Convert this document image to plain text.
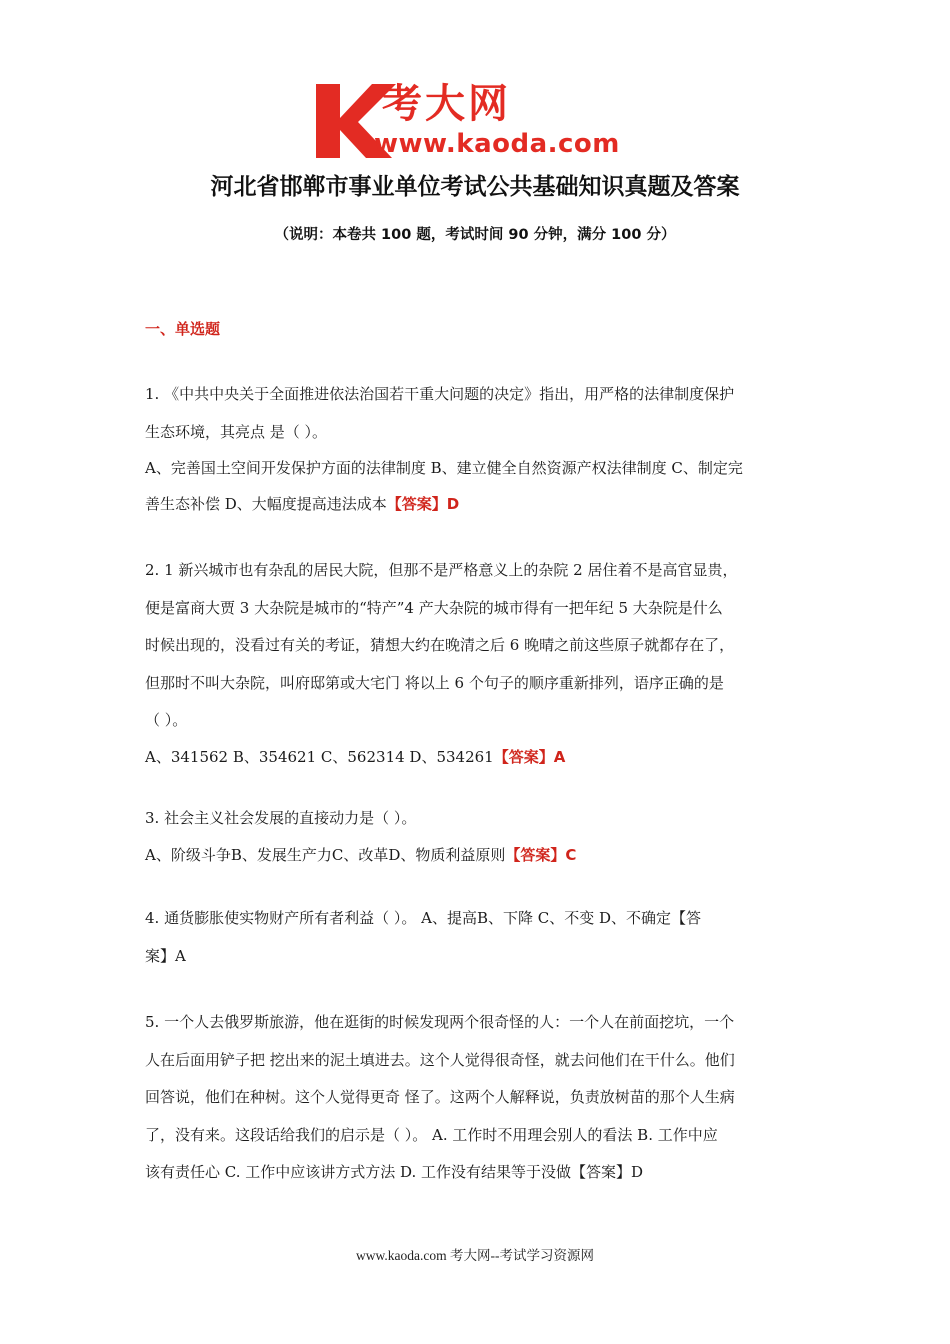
考大网
www.kaoda.com
河北省邯郸市事业单位考试公共基础知识真题及答案
（说明：本卷共 100 题，考试时间 90 分钟，满分 100 分）
一、单选题
1. 《中共中央关于全面推进依法治国若干重大问题的决定》指出，用严格的法律制度保护
生态环境，其亮点 是（ ）。
A、完善国土空间开发保护方面的法律制度 B、建立健全自然资源产权法律制度 C、制定完
善生态补偿 D、大幅度提高违法成本【答案】D
2. 1 新兴城市也有杂乱的居民大院，但那不是严格意义上的杂院 2 居住着不是高官显贵，
便是富商大贾 3 大杂院是城市的“特产”4 产大杂院的城市得有一把年纪 5 大杂院是什么
时候出现的，没看过有关的考证，猜想大约在晚清之后 6 晚晴之前这些原子就都存在了，
但那时不叫大杂院，叫府邸第或大宅门 将以上 6 个句子的顺序重新排列，语序正确的是
（ ）。
A、341562 B、354621 C、562314 D、534261【答案】A
3. 社会主义社会发展的直接动力是（ ）。
A、阶级斗争B、发展生产力C、改革D、物质利益原则【答案】C
4. 通货膨胀使实物财产所有者利益（ ）。 A、提高B、下降 C、不变 D、不确定【答
案】A
5. 一个人去俄罗斯旅游，他在逛街的时候发现两个很奇怪的人：一个人在前面挖坑，一个
人在后面用铲子把 挖出来的泥土填进去。这个人觉得很奇怪，就去问他们在干什么。他们
回答说，他们在种树。这个人觉得更奇 怪了。这两个人解释说，负责放树苗的那个人生病
了，没有来。这段话给我们的启示是（ ）。 A. 工作时不用理会别人的看法 B. 工作中应
该有责任心 C. 工作中应该讲方式方法 D. 工作没有结果等于没做【答案】D
www.kaoda.com 考大网--考试学习资源网
